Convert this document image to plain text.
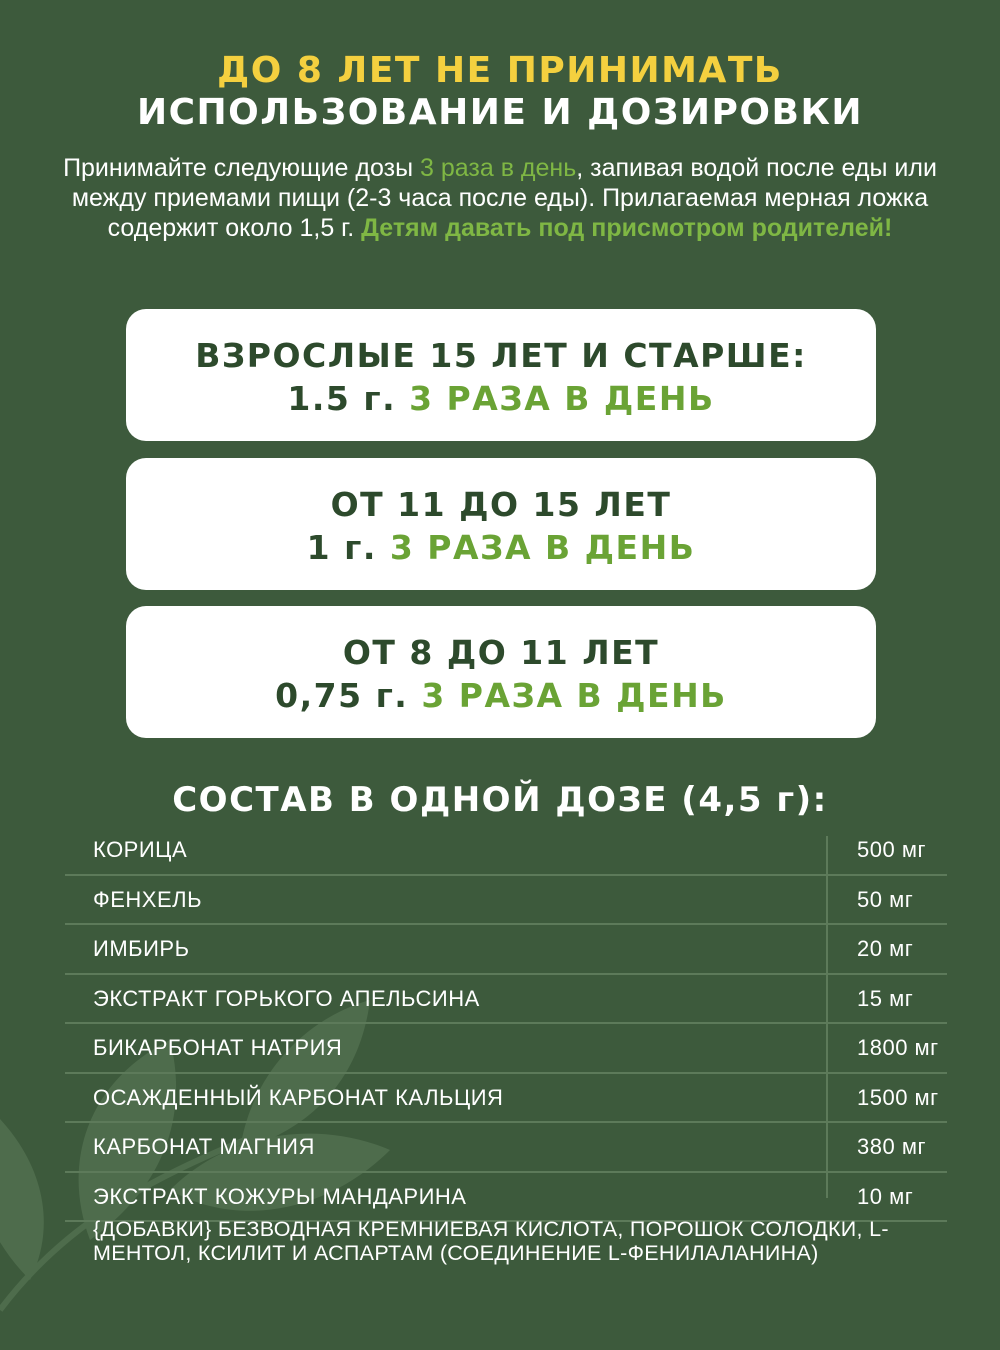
ДО 8 ЛЕТ НЕ ПРИНИМАТЬ
ИСПОЛЬЗОВАНИЕ И ДОЗИРОВКИ
Принимайте следующие дозы 3 раза в день, запивая водой после еды или между приемами пищи (2-3 часа после еды). Прилагаемая мерная ложка содержит около 1,5 г. Детям давать под присмотром родителей!
ВЗРОСЛЫЕ 15 ЛЕТ И СТАРШЕ:
1.5 г. 3 РАЗА В ДЕНЬ
ОТ 11 ДО 15 ЛЕТ
1 г. 3 РАЗА В ДЕНЬ
ОТ 8 ДО 11 ЛЕТ
0,75 г. 3 РАЗА В ДЕНЬ
СОСТАВ В ОДНОЙ ДОЗЕ (4,5 г):
КОРИЦА	500 мг
ФЕНХЕЛЬ	50 мг
ИМБИРЬ	20 мг
ЭКСТРАКТ ГОРЬКОГО АПЕЛЬСИНА	15 мг
БИКАРБОНАТ НАТРИЯ	1800 мг
ОСАЖДЕННЫЙ КАРБОНАТ КАЛЬЦИЯ	1500 мг
КАРБОНАТ МАГНИЯ	380 мг
ЭКСТРАКТ КОЖУРЫ МАНДАРИНА	10 мг
{ДОБАВКИ} БЕЗВОДНАЯ КРЕМНИЕВАЯ КИСЛОТА, ПОРОШОК СОЛОДКИ, L-МЕНТОЛ, КСИЛИТ И АСПАРТАМ (СОЕДИНЕНИЕ L-ФЕНИЛАЛАНИНА)
